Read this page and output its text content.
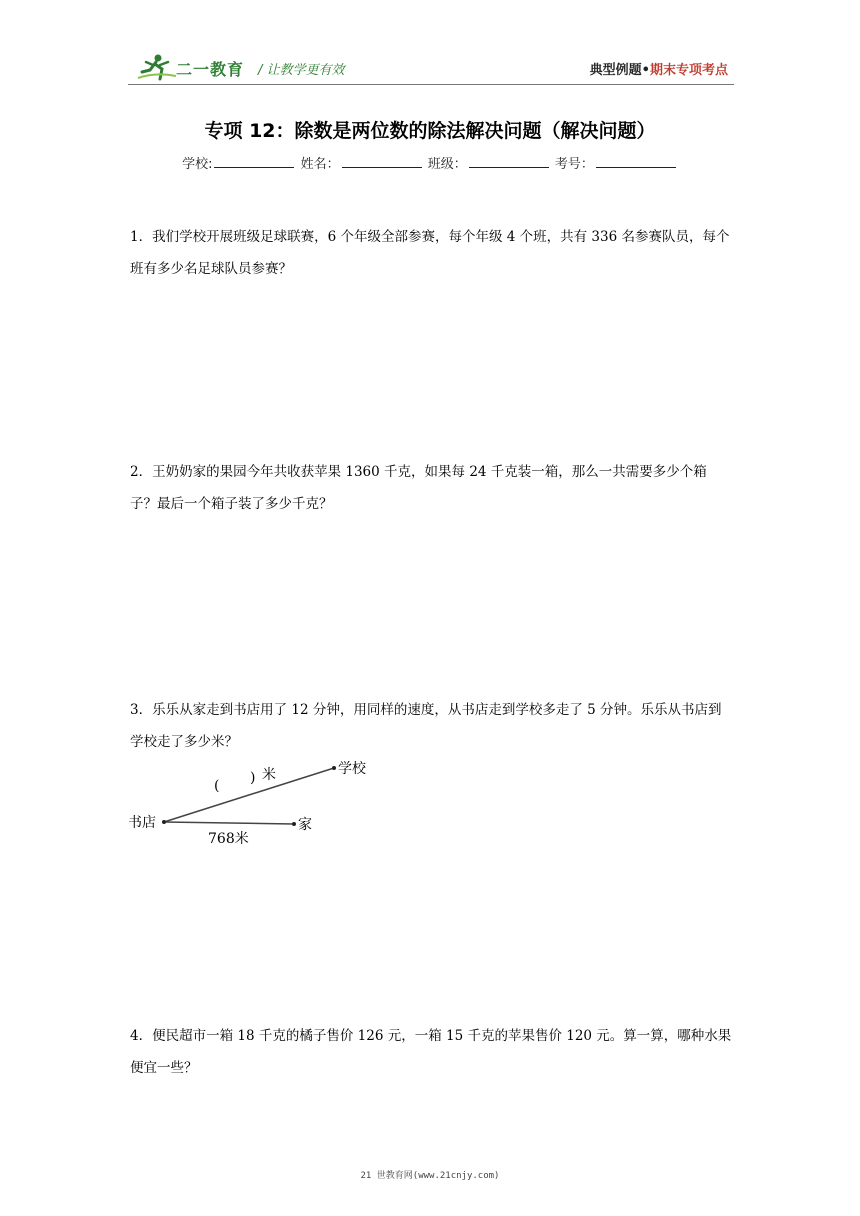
二一教育 / 让教学更有效	典型例题•期末专项考点
专项 12：除数是两位数的除法解决问题（解决问题）
学校:	姓名：	班级：	考号：
1．我们学校开展班级足球联赛，6 个年级全部参赛，每个年级 4 个班，共有 336 名参赛队员，每个班有多少名足球队员参赛？
2．王奶奶家的果园今年共收获苹果 1360 千克，如果每 24 千克装一箱，那么一共需要多少个箱子？最后一个箱子装了多少千克？
3．乐乐从家走到书店用了 12 分钟，用同样的速度，从书店走到学校多走了 5 分钟。乐乐从书店到学校走了多少米？
书店
学校
家
( ) 米
768米
4．便民超市一箱 18 千克的橘子售价 126 元，一箱 15 千克的苹果售价 120 元。算一算，哪种水果便宜一些？
21 世教育网(www.21cnjy.com)
